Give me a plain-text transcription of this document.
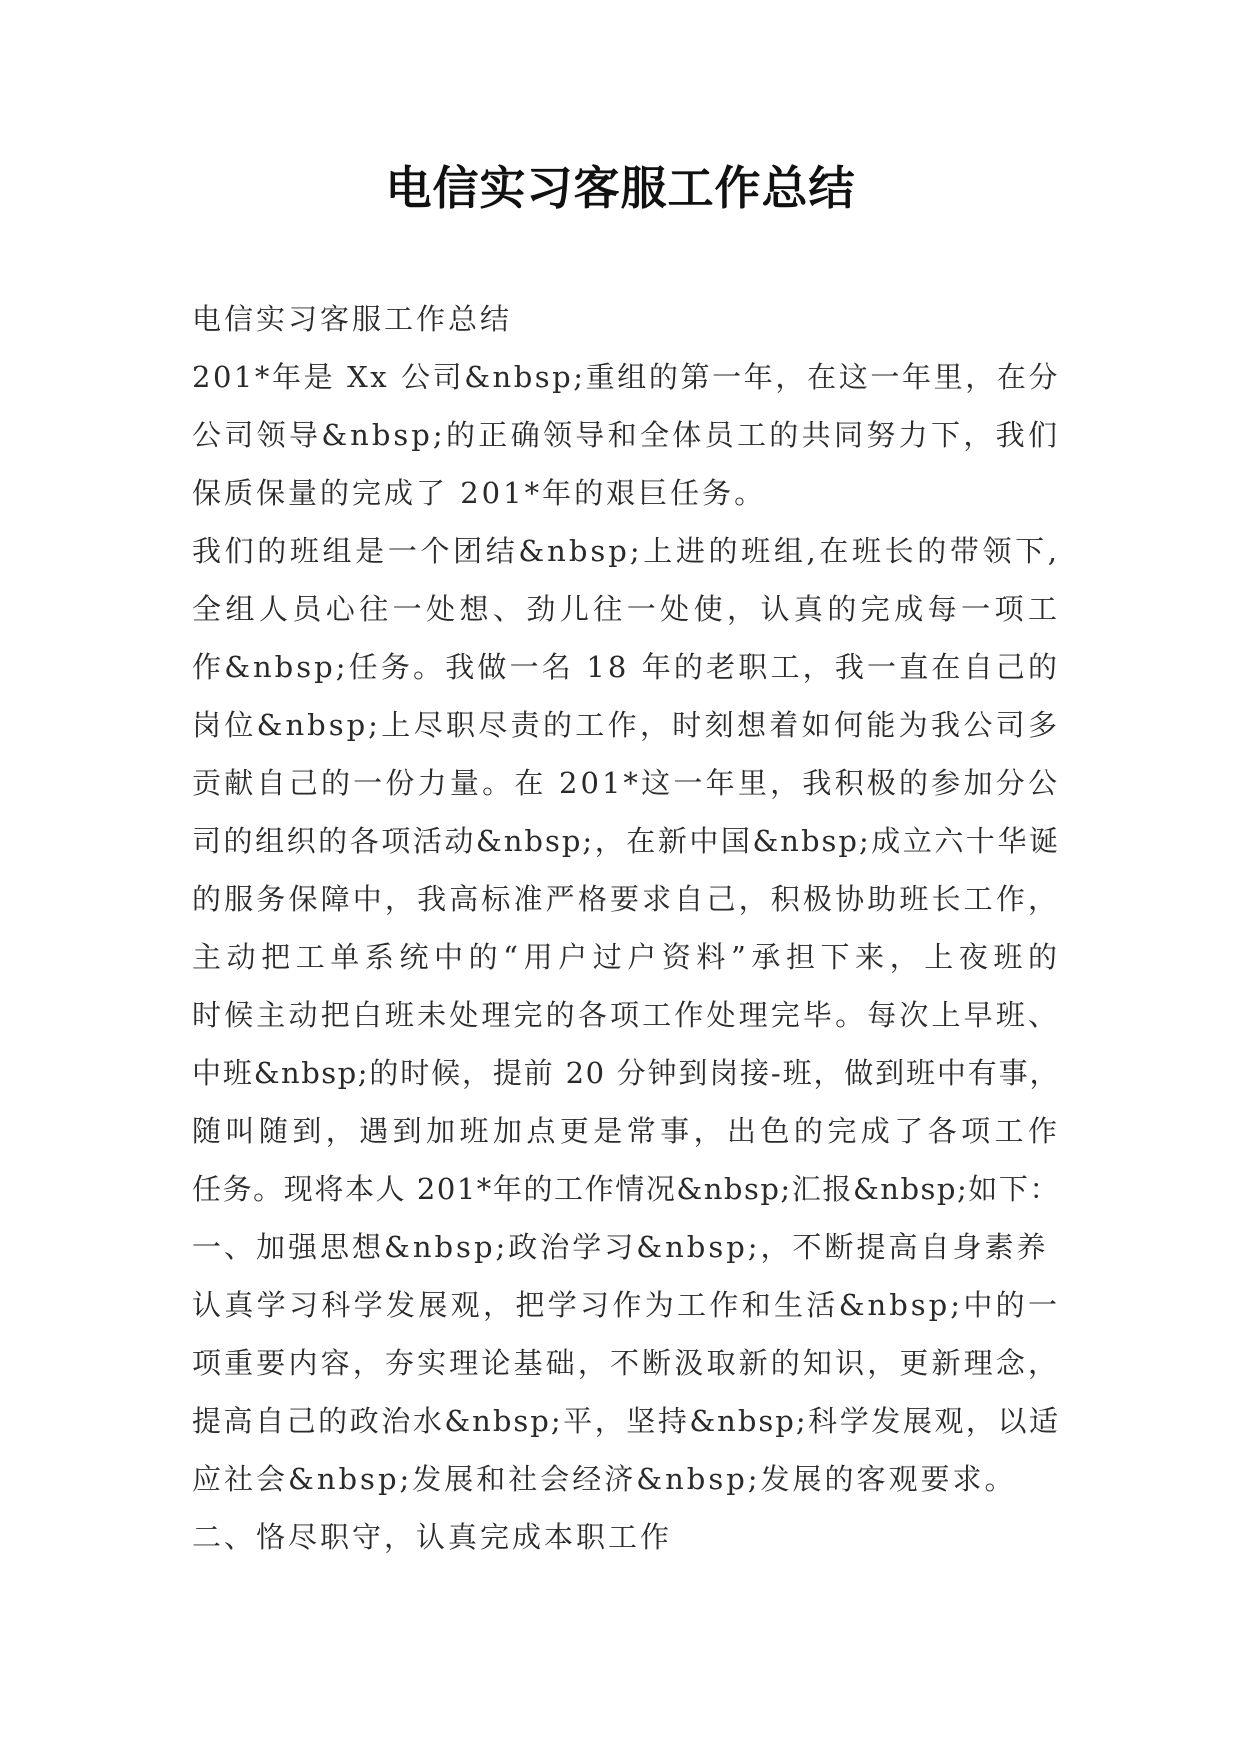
电信实习客服工作总结
电信实习客服工作总结
201*年是 Xx 公司&nbsp;重组的第一年，在这一年里，在分
公司领导&nbsp;的正确领导和全体员工的共同努力下，我们
保质保量的完成了 201*年的艰巨任务。
我们的班组是一个团结&nbsp;上进的班组,在班长的带领下,
全组人员心往一处想、劲儿往一处使，认真的完成每一项工
作&nbsp;任务。我做一名 18 年的老职工，我一直在自己的
岗位&nbsp;上尽职尽责的工作，时刻想着如何能为我公司多
贡献自己的一份力量。在 201*这一年里，我积极的参加分公
司的组织的各项活动&nbsp;，在新中国&nbsp;成立六十华诞
的服务保障中，我高标准严格要求自己，积极协助班长工作，
主动把工单系统中的“用户过户资料”承担下来，上夜班的
时候主动把白班未处理完的各项工作处理完毕。每次上早班、
中班&nbsp;的时候，提前 20 分钟到岗接-班，做到班中有事，
随叫随到，遇到加班加点更是常事，出色的完成了各项工作
任务。现将本人 201*年的工作情况&nbsp;汇报&nbsp;如下：
一、加强思想&nbsp;政治学习&nbsp;，不断提高自身素养
认真学习科学发展观，把学习作为工作和生活&nbsp;中的一
项重要内容，夯实理论基础，不断汲取新的知识，更新理念，
提高自己的政治水&nbsp;平，坚持&nbsp;科学发展观，以适
应社会&nbsp;发展和社会经济&nbsp;发展的客观要求。
二、恪尽职守，认真完成本职工作
